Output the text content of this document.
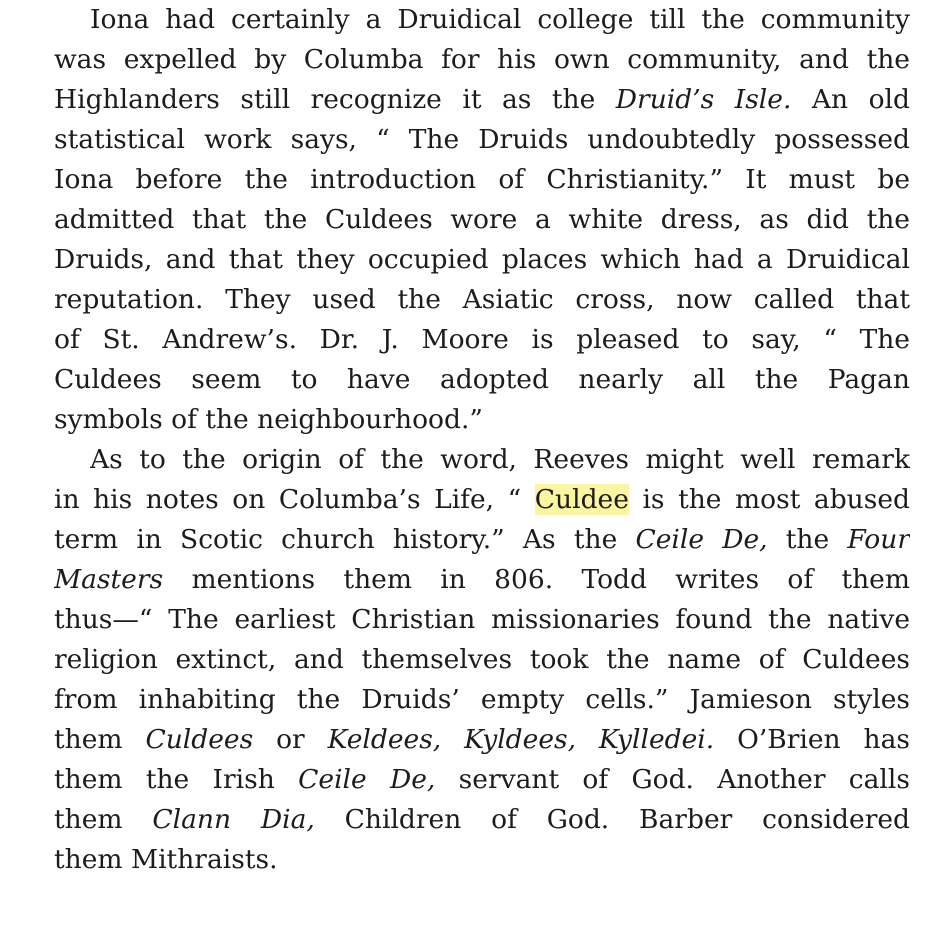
Iona had certainly a Druidical college till the community
was expelled by Columba for his own community, and the
Highlanders still recognize it as the Druid’s Isle. An old
statistical work says, “ The Druids undoubtedly possessed
Iona before the introduction of Christianity.” It must be
admitted that the Culdees wore a white dress, as did the
Druids, and that they occupied places which had a Druidical
reputation. They used the Asiatic cross, now called that
of St. Andrew’s. Dr. J. Moore is pleased to say, “ The
Culdees seem to have adopted nearly all the Pagan
symbols of the neighbourhood.”
As to the origin of the word, Reeves might well remark
in his notes on Columba’s Life, “ Culdee is the most abused
term in Scotic church history.” As the Ceile De, the Four
Masters mentions them in 806. Todd writes of them
thus—“ The earliest Christian missionaries found the native
religion extinct, and themselves took the name of Culdees
from inhabiting the Druids’ empty cells.” Jamieson styles
them Culdees or Keldees, Kyldees, Kylledei. O’Brien has
them the Irish Ceile De, servant of God. Another calls
them Clann Dia, Children of God. Barber considered
them Mithraists.
